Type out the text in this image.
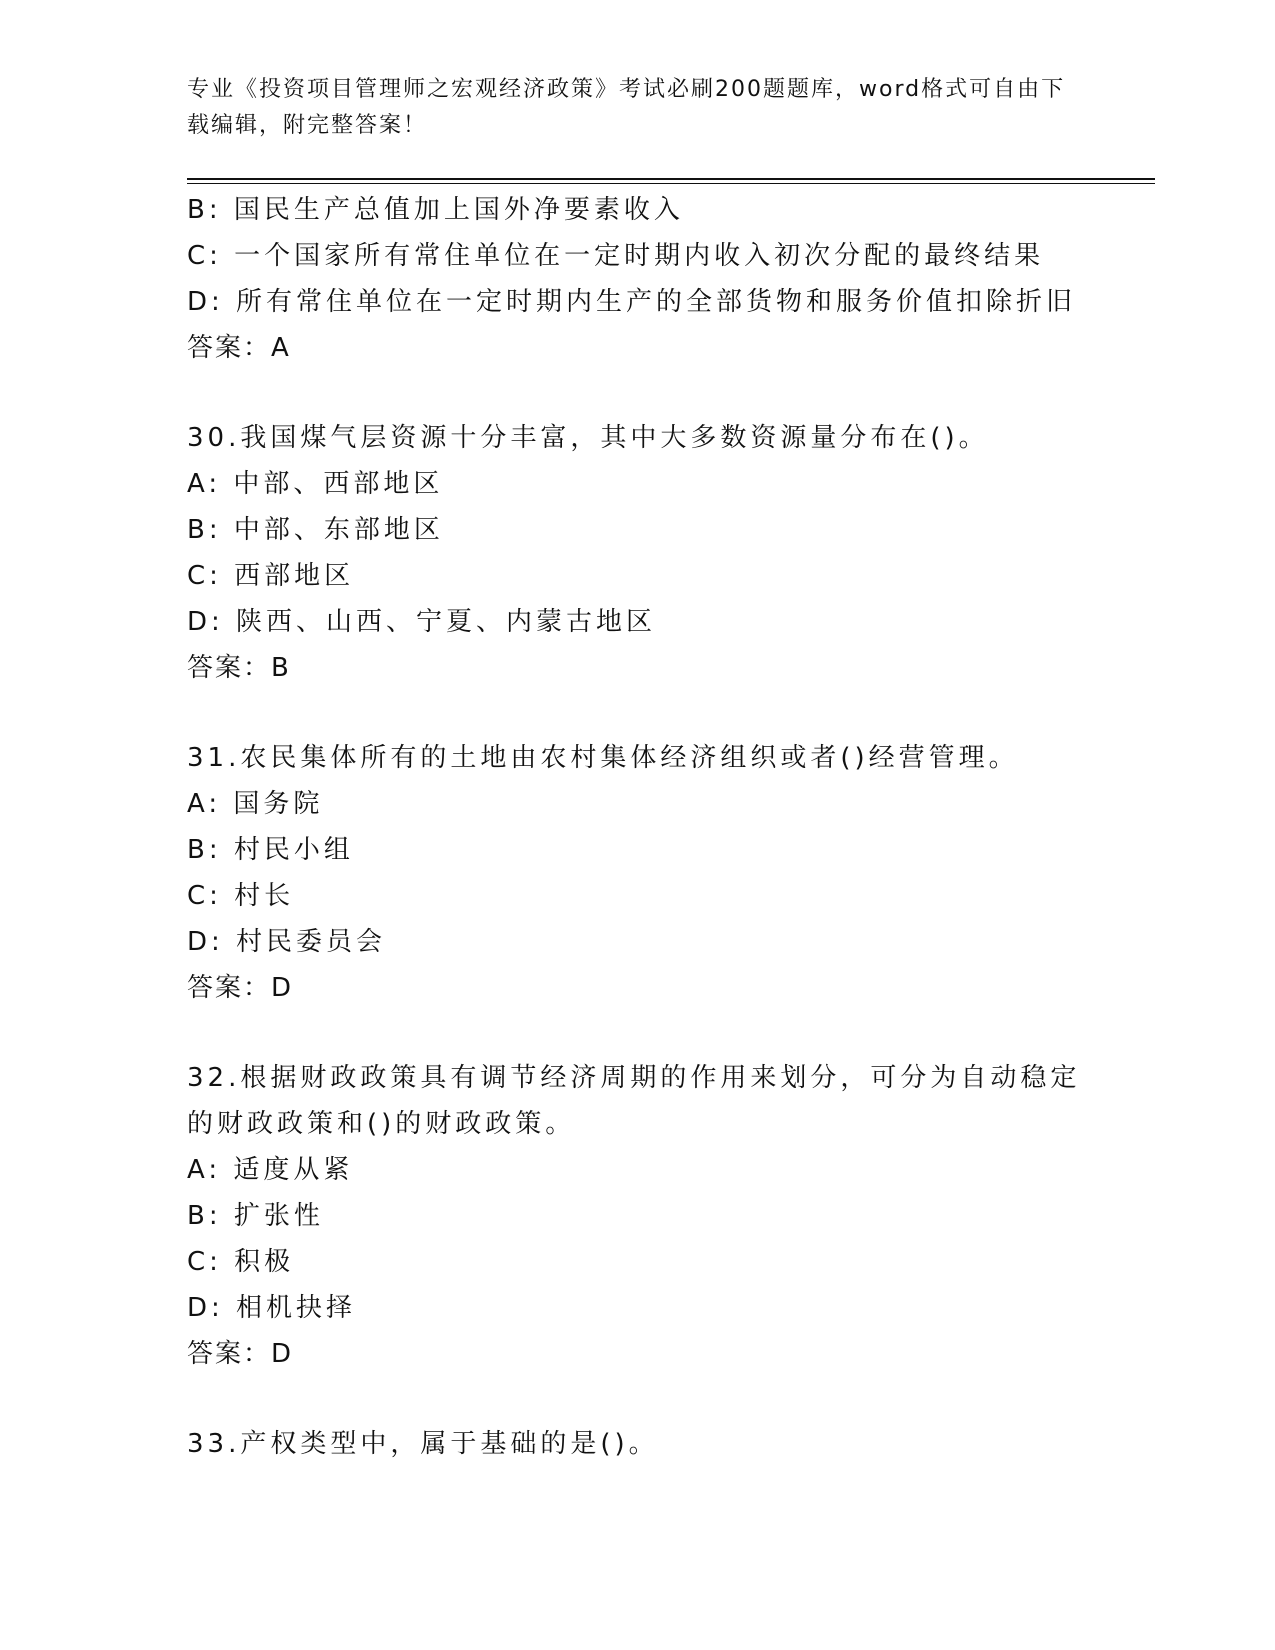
专业《投资项目管理师之宏观经济政策》考试必刷200题题库，word格式可自由下载编辑，附完整答案！
B: 国民生产总值加上国外净要素收入
C: 一个国家所有常住单位在一定时期内收入初次分配的最终结果
D: 所有常住单位在一定时期内生产的全部货物和服务价值扣除折旧
答案：A
30.我国煤气层资源十分丰富，其中大多数资源量分布在()。
A: 中部、西部地区
B: 中部、东部地区
C: 西部地区
D: 陕西、山西、宁夏、内蒙古地区
答案：B
31.农民集体所有的土地由农村集体经济组织或者()经营管理。
A: 国务院
B: 村民小组
C: 村长
D: 村民委员会
答案：D
32.根据财政政策具有调节经济周期的作用来划分，可分为自动稳定的财政政策和()的财政政策。
A: 适度从紧
B: 扩张性
C: 积极
D: 相机抉择
答案：D
33.产权类型中，属于基础的是()。
